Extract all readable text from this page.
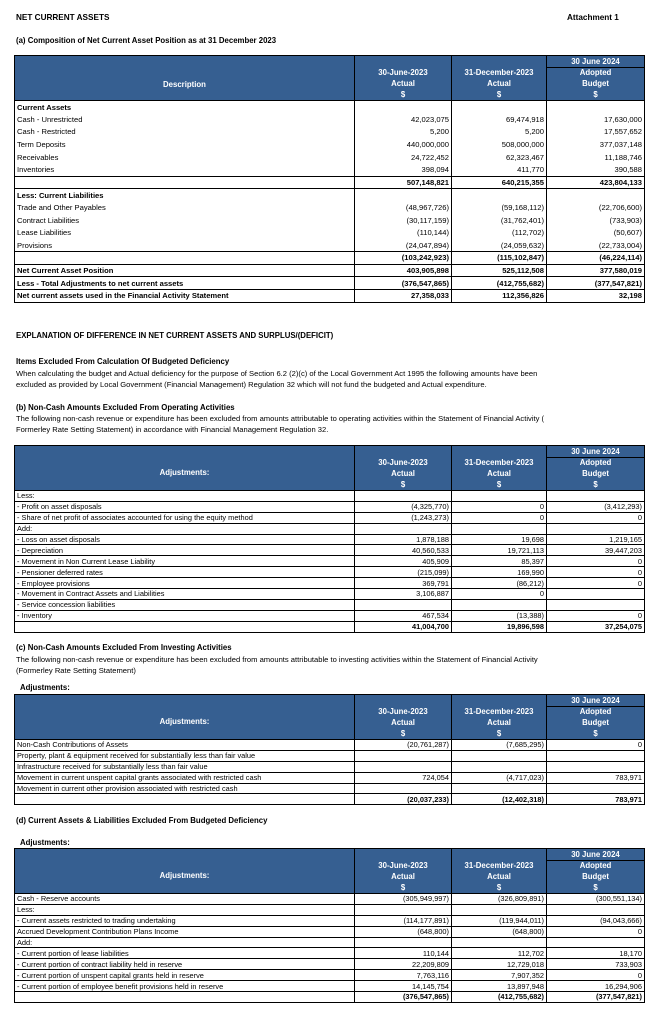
NET CURRENT ASSETS	Attachment 1
(a) Composition of Net Current Asset Position as at 31 December 2023
Description			30 June 2024
	30-June-2023	31-December-2023	Adopted
	Actual	Actual	Budget
	$	$	$
Current Assets			
Cash - Unrestricted	42,023,075	69,474,918	17,630,000
Cash - Restricted	5,200	5,200	17,557,652
Term Deposits	440,000,000	508,000,000	377,037,148
Receivables	24,722,452	62,323,467	11,188,746
Inventories	398,094	411,770	390,588
	507,148,821	640,215,355	423,804,133
Less: Current Liabilities			
Trade and Other Payables	(48,967,726)	(59,168,112)	(22,706,600)
Contract Liabilities	(30,117,159)	(31,762,401)	(733,903)
Lease Liabilities	(110,144)	(112,702)	(50,607)
Provisions	(24,047,894)	(24,059,632)	(22,733,004)
	(103,242,923)	(115,102,847)	(46,224,114)
Net Current Asset Position	403,905,898	525,112,508	377,580,019
Less - Total Adjustments to net current assets	(376,547,865)	(412,755,682)	(377,547,821)
Net current assets used in the Financial Activity Statement	27,358,033	112,356,826	32,198
EXPLANATION OF DIFFERENCE IN NET CURRENT ASSETS AND SURPLUS/(DEFICIT)
Items Excluded From Calculation Of Budgeted Deficiency
When calculating the budget and Actual deficiency for the purpose of Section 6.2 (2)(c) of the Local Government Act 1995 the following amounts have been
excluded as provided by Local Government (Financial Management) Regulation 32 which will not fund the budgeted and Actual expenditure.
(b) Non-Cash Amounts Excluded From Operating Activities
The following non-cash revenue or expenditure has been excluded from amounts attributable to operating activities within the Statement of Financial Activity (
Formerley Rate Setting Statement) in accordance with Financial Management Regulation 32.
Adjustments:			30 June 2024
	30-June-2023	31-December-2023	Adopted
	Actual	Actual	Budget
	$	$	$
Less:			
- Profit on asset disposals	(4,325,770)	0	(3,412,293)
- Share of net profit of associates accounted for using the equity method	(1,243,273)	0	0
Add:			
- Loss on asset disposals	1,878,188	19,698	1,219,165
- Depreciation	40,560,533	19,721,113	39,447,203
- Movement in Non Current Lease Liability	405,909	85,397	0
- Pensioner deferred rates	(215,099)	169,990	0
- Employee provisions	369,791	(86,212)	0
- Movement in Contract Assets and Liabilities	3,106,887	0	
- Service concession liabilities			
- Inventory	467,534	(13,388)	0
	41,004,700	19,896,598	37,254,075
(c) Non-Cash Amounts Excluded From Investing Activities
The following non-cash revenue or expenditure has been excluded from amounts attributable to investing activities within the Statement of Financial Activity
(Formerley Rate Setting Statement)
Adjustments:
Adjustments:			30 June 2024
	30-June-2023	31-December-2023	Adopted
	Actual	Actual	Budget
	$	$	$
Non-Cash Contributions of Assets	(20,761,287)	(7,685,295)	0
Property, plant & equipment received for substantially less than fair value			
Infrastructure received for substantially less than fair value			
Movement in current unspent capital grants associated with restricted cash	724,054	(4,717,023)	783,971
Movement in current other provision associated with restricted cash			
	(20,037,233)	(12,402,318)	783,971
(d) Current Assets & Liabilities Excluded From Budgeted Deficiency
Adjustments:
Adjustments:			30 June 2024
	30-June-2023	31-December-2023	Adopted
	Actual	Actual	Budget
	$	$	$
Cash - Reserve accounts	(305,949,997)	(326,809,891)	(300,551,134)
Less:			
- Current assets restricted to trading undertaking	(114,177,891)	(119,944,011)	(94,043,666)
Accrued Development Contribution Plans Income	(648,800)	(648,800)	0
Add:			
- Current portion of lease liabilities	110,144	112,702	18,170
- Current portion of contract liability held in reserve	22,209,809	12,729,018	733,903
- Current portion of unspent capital grants held in reserve	7,763,116	7,907,352	0
- Current portion of employee benefit provisions held in reserve	14,145,754	13,897,948	16,294,906
	(376,547,865)	(412,755,682)	(377,547,821)
